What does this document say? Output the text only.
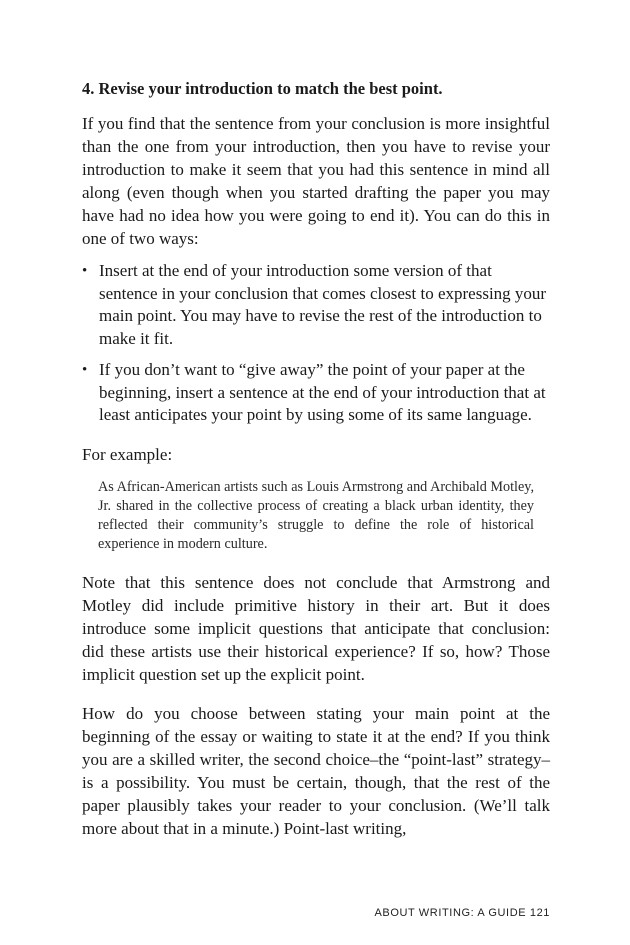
4. Revise your introduction to match the best point.

If you find that the sentence from your conclusion is more insightful than the one from your introduction, then you have to revise your introduction to make it seem that you had this sentence in mind all along (even though when you started drafting the paper you may have had no idea how you were going to end it). You can do this in one of two ways:

• Insert at the end of your introduction some version of that sentence in your conclusion that comes closest to expressing your main point. You may have to revise the rest of the introduction to make it fit.
• If you don’t want to “give away” the point of your paper at the beginning, insert a sentence at the end of your introduction that at least anticipates your point by using some of its same language.

For example:

As African-American artists such as Louis Armstrong and Archibald Motley, Jr. shared in the collective process of creating a black urban identity, they reflected their community’s struggle to define the role of historical experience in modern culture.

Note that this sentence does not conclude that Armstrong and Motley did include primitive history in their art. But it does introduce some implicit questions that anticipate that conclusion: did these artists use their historical experience? If so, how? Those implicit question set up the explicit point.

How do you choose between stating your main point at the beginning of the essay or waiting to state it at the end? If you think you are a skilled writer, the second choice–the “point-last” strategy–is a possibility. You must be certain, though, that the rest of the paper plausibly takes your reader to your conclusion. (We’ll talk more about that in a minute.) Point-last writing,

ABOUT WRITING: A GUIDE 121
